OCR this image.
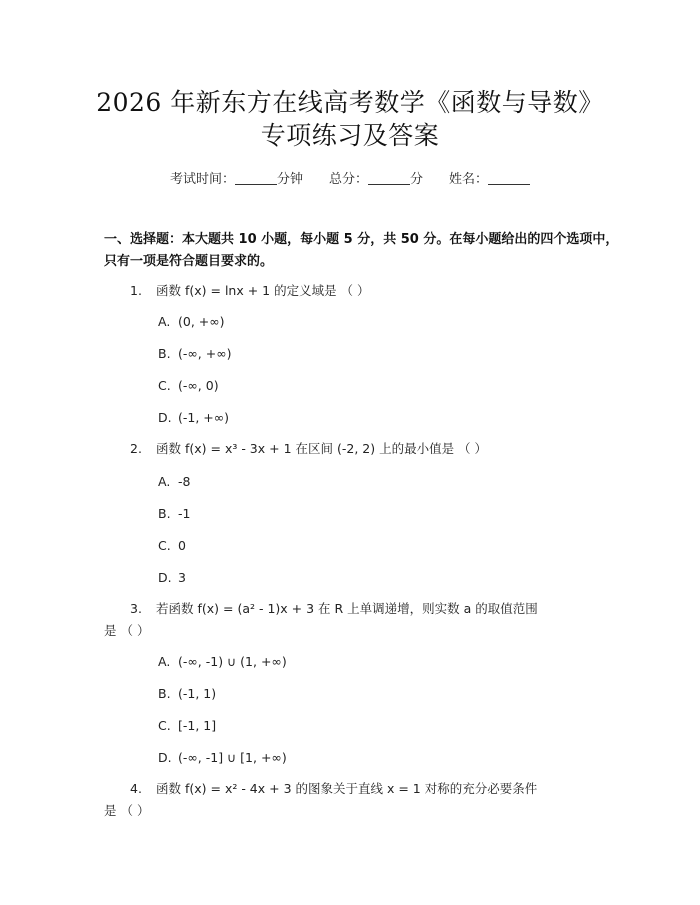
2026 年新东方在线高考数学《函数与导数》
专项练习及答案
考试时间：	分钟 总分：	分 姓名：
一、选择题：本大题共 10 小题，每小题 5 分，共 50 分。在每小题给出的四个选项中，只有一项是符合题目要求的。
1. 函数 f(x) = lnx + 1 的定义域是 （ ）
A. (0, +∞)
B. (-∞, +∞)
C. (-∞, 0)
D. (-1, +∞)
2. 函数 f(x) = x³ - 3x + 1 在区间 (-2, 2) 上的最小值是 （ ）
A. -8
B. -1
C. 0
D. 3
3. 若函数 f(x) = (a² - 1)x + 3 在 R 上单调递增，则实数 a 的取值范围
是 （ ）
A. (-∞, -1) ∪ (1, +∞)
B. (-1, 1)
C. [-1, 1]
D. (-∞, -1] ∪ [1, +∞)
4. 函数 f(x) = x² - 4x + 3 的图象关于直线 x = 1 对称的充分必要条件
是 （ ）
